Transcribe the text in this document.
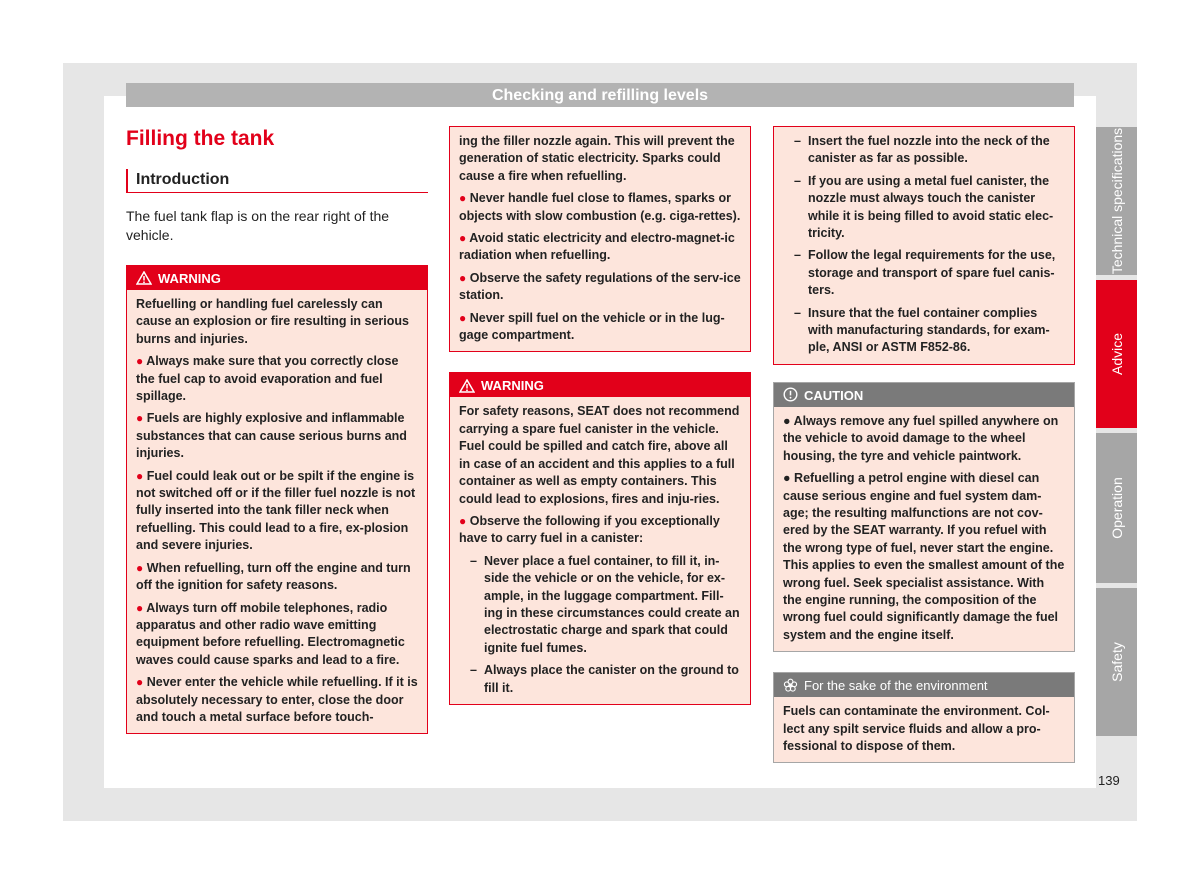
Checking and refilling levels
Technical specifications
Advice
Operation
Safety
139
Filling the tank
Introduction

The fuel tank flap is on the rear right of the vehicle.

WARNING

Refuelling or handling fuel carelessly can cause an explosion or fire resulting in serious burns and injuries.

● Always make sure that you correctly close the fuel cap to avoid evaporation and fuel spillage.

● Fuels are highly explosive and inflammable substances that can cause serious burns and injuries.

● Fuel could leak out or be spilt if the engine is not switched off or if the filler fuel nozzle is not fully inserted into the tank filler neck when refuelling. This could lead to a fire, ex-plosion and severe injuries.

● When refuelling, turn off the engine and turn off the ignition for safety reasons.

● Always turn off mobile telephones, radio apparatus and other radio wave emitting equipment before refuelling. Electromagnetic waves could cause sparks and lead to a fire.

● Never enter the vehicle while refuelling. If it is absolutely necessary to enter, close the door and touch a metal surface before touch-

ing the filler nozzle again. This will prevent the generation of static electricity. Sparks could cause a fire when refuelling.

● Never handle fuel close to flames, sparks or objects with slow combustion (e.g. ciga-rettes).

● Avoid static electricity and electro-magnet-ic radiation when refuelling.

● Observe the safety regulations of the serv-ice station.

● Never spill fuel on the vehicle or in the lug-gage compartment.

WARNING

For safety reasons, SEAT does not recommend carrying a spare fuel canister in the vehicle. Fuel could be spilled and catch fire, above all in case of an accident and this applies to a full container as well as empty containers. This could lead to explosions, fires and inju-ries.

● Observe the following if you exceptionally have to carry fuel in a canister:

– Never place a fuel container, to fill it, in-side the vehicle or on the vehicle, for ex-ample, in the luggage compartment. Fill-ing in these circumstances could create an electrostatic charge and spark that could ignite fuel fumes.

– Always place the canister on the ground to fill it.

– Insert the fuel nozzle into the neck of the canister as far as possible.

– If you are using a metal fuel canister, the nozzle must always touch the canister while it is being filled to avoid static elec-tricity.

– Follow the legal requirements for the use, storage and transport of spare fuel canis-ters.

– Insure that the fuel container complies with manufacturing standards, for exam-ple, ANSI or ASTM F852-86.

CAUTION

● Always remove any fuel spilled anywhere on the vehicle to avoid damage to the wheel housing, the tyre and vehicle paintwork.

● Refuelling a petrol engine with diesel can cause serious engine and fuel system dam-age; the resulting malfunctions are not cov-ered by the SEAT warranty. If you refuel with the wrong type of fuel, never start the engine. This applies to even the smallest amount of the wrong fuel. Seek specialist assistance. With the engine running, the composition of the wrong fuel could significantly damage the fuel system and the engine itself.

For the sake of the environment

Fuels can contaminate the environment. Col-lect any spilt service fluids and allow a pro-fessional to dispose of them.
